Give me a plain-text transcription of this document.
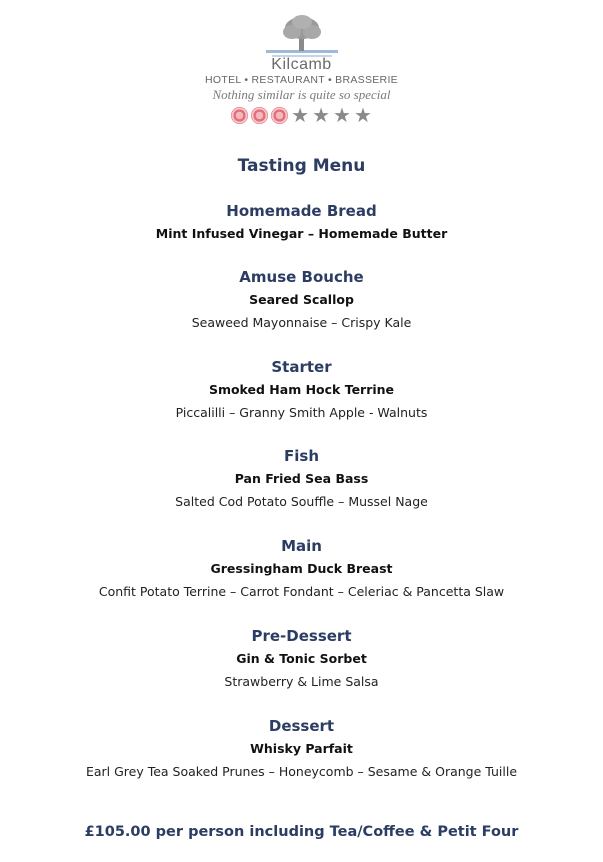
Kilcamb
HOTEL • RESTAURANT • BRASSERIE
Nothing similar is quite so special
★ ★ ★ ★
Tasting Menu
Homemade Bread
Mint Infused Vinegar – Homemade Butter
Amuse Bouche
Seared Scallop
Seaweed Mayonnaise – Crispy Kale
Starter
Smoked Ham Hock Terrine
Piccalilli – Granny Smith Apple - Walnuts
Fish
Pan Fried Sea Bass
Salted Cod Potato Souffle – Mussel Nage
Main
Gressingham Duck Breast
Confit Potato Terrine – Carrot Fondant – Celeriac & Pancetta Slaw
Pre-Dessert
Gin & Tonic Sorbet
Strawberry & Lime Salsa
Dessert
Whisky Parfait
Earl Grey Tea Soaked Prunes – Honeycomb – Sesame & Orange Tuille
£105.00 per person including Tea/Coffee & Petit Four
